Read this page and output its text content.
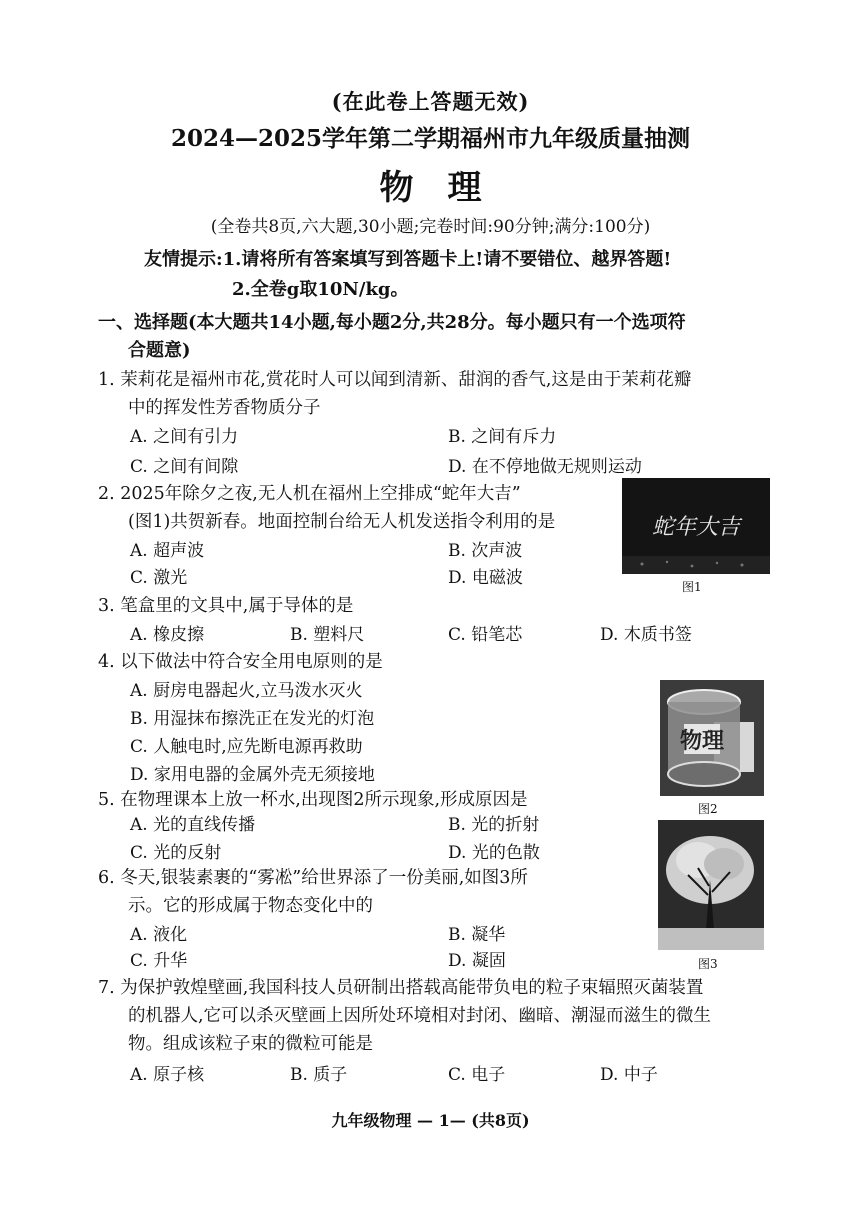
(在此卷上答题无效)
2024—2025学年第二学期福州市九年级质量抽测
物理
(全卷共8页,六大题,30小题;完卷时间:90分钟;满分:100分)
友情提示:1.请将所有答案填写到答题卡上!请不要错位、越界答题!
2.全卷g取10N/kg。
一、选择题(本大题共14小题,每小题2分,共28分。每小题只有一个选项符
合题意)
1. 茉莉花是福州市花,赏花时人可以闻到清新、甜润的香气,这是由于茉莉花瓣
中的挥发性芳香物质分子
A. 之间有引力	B. 之间有斥力
C. 之间有间隙	D. 在不停地做无规则运动
2. 2025年除夕之夜,无人机在福州上空排成“蛇年大吉”
(图1)共贺新春。地面控制台给无人机发送指令利用的是
A. 超声波	B. 次声波
C. 激光	D. 电磁波
蛇年大吉
图1
3. 笔盒里的文具中,属于导体的是
A. 橡皮擦	B. 塑料尺	C. 铅笔芯	D. 木质书签
4. 以下做法中符合安全用电原则的是
A. 厨房电器起火,立马泼水灭火
B. 用湿抹布擦洗正在发光的灯泡
C. 人触电时,应先断电源再救助
D. 家用电器的金属外壳无须接地
物理
图2
5. 在物理课本上放一杯水,出现图2所示现象,形成原因是
A. 光的直线传播	B. 光的折射
C. 光的反射	D. 光的色散
图3
6. 冬天,银装素裹的“雾凇”给世界添了一份美丽,如图3所
示。它的形成属于物态变化中的
A. 液化	B. 凝华
C. 升华	D. 凝固
7. 为保护敦煌壁画,我国科技人员研制出搭载高能带负电的粒子束辐照灭菌装置
的机器人,它可以杀灭壁画上因所处环境相对封闭、幽暗、潮湿而滋生的微生
物。组成该粒子束的微粒可能是
A. 原子核	B. 质子	C. 电子	D. 中子
九年级物理 — 1— (共8页)
